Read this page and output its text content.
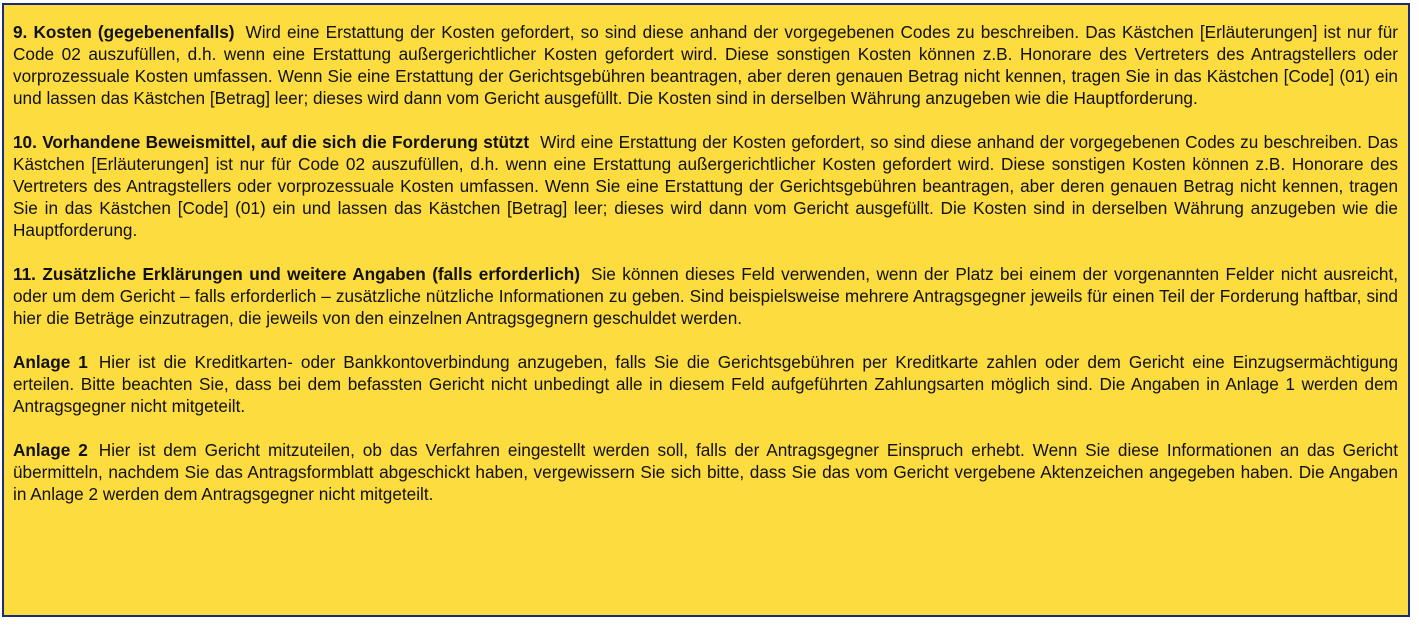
9. Kosten (gegebenenfalls) Wird eine Erstattung der Kosten gefordert, so sind diese anhand der vorgegebenen Codes zu beschreiben. Das Kästchen [Erläuterungen] ist nur für Code 02 auszufüllen, d.h. wenn eine Erstattung außergerichtlicher Kosten gefordert wird. Diese sonstigen Kosten können z.B. Honorare des Vertreters des Antragstellers oder vorprozessuale Kosten umfassen. Wenn Sie eine Erstattung der Gerichtsgebühren beantragen, aber deren genauen Betrag nicht kennen, tragen Sie in das Kästchen [Code] (01) ein und lassen das Kästchen [Betrag] leer; dieses wird dann vom Gericht ausgefüllt. Die Kosten sind in derselben Währung anzugeben wie die Hauptforderung.

10. Vorhandene Beweismittel, auf die sich die Forderung stützt Wird eine Erstattung der Kosten gefordert, so sind diese anhand der vorgegebenen Codes zu beschreiben. Das Kästchen [Erläuterungen] ist nur für Code 02 auszufüllen, d.h. wenn eine Erstattung außergerichtlicher Kosten gefordert wird. Diese sonstigen Kosten können z.B. Honorare des Vertreters des Antragstellers oder vorprozessuale Kosten umfassen. Wenn Sie eine Erstattung der Gerichtsgebühren beantragen, aber deren genauen Betrag nicht kennen, tragen Sie in das Kästchen [Code] (01) ein und lassen das Kästchen [Betrag] leer; dieses wird dann vom Gericht ausgefüllt. Die Kosten sind in derselben Währung anzugeben wie die Hauptforderung.

11. Zusätzliche Erklärungen und weitere Angaben (falls erforderlich) Sie können dieses Feld verwenden, wenn der Platz bei einem der vorgenannten Felder nicht ausreicht, oder um dem Gericht – falls erforderlich – zusätzliche nützliche Informationen zu geben. Sind beispielsweise mehrere Antragsgegner jeweils für einen Teil der Forderung haftbar, sind hier die Beträge einzutragen, die jeweils von den einzelnen Antragsgegnern geschuldet werden.

Anlage 1 Hier ist die Kreditkarten- oder Bankkontoverbindung anzugeben, falls Sie die Gerichtsgebühren per Kreditkarte zahlen oder dem Gericht eine Einzugsermächtigung erteilen. Bitte beachten Sie, dass bei dem befassten Gericht nicht unbedingt alle in diesem Feld aufgeführten Zahlungsarten möglich sind. Die Angaben in Anlage 1 werden dem Antragsgegner nicht mitgeteilt.

Anlage 2 Hier ist dem Gericht mitzuteilen, ob das Verfahren eingestellt werden soll, falls der Antragsgegner Einspruch erhebt. Wenn Sie diese Informationen an das Gericht übermitteln, nachdem Sie das Antragsformblatt abgeschickt haben, vergewissern Sie sich bitte, dass Sie das vom Gericht vergebene Aktenzeichen angegeben haben. Die Angaben in Anlage 2 werden dem Antragsgegner nicht mitgeteilt.
